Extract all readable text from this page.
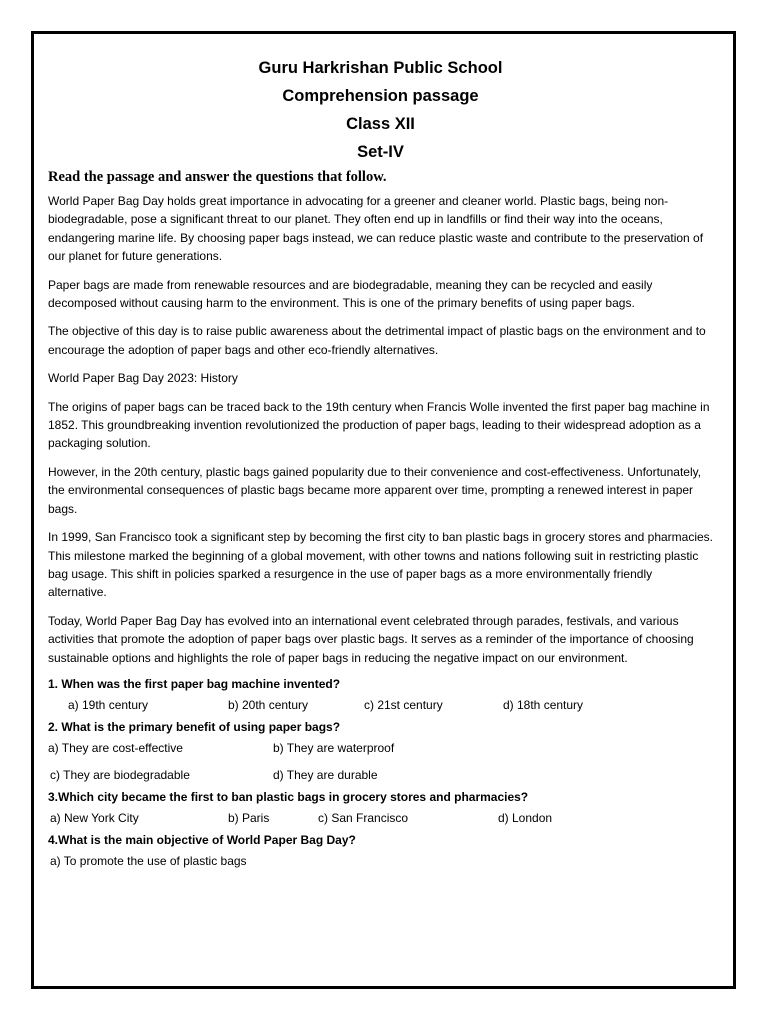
Guru Harkrishan Public School
Comprehension passage
Class XII
Set-IV
Read the passage and answer the questions that follow.

World Paper Bag Day holds great importance in advocating for a greener and cleaner world. Plastic bags, being non-biodegradable, pose a significant threat to our planet. They often end up in landfills or find their way into the oceans, endangering marine life. By choosing paper bags instead, we can reduce plastic waste and contribute to the preservation of our planet for future generations.

Paper bags are made from renewable resources and are biodegradable, meaning they can be recycled and easily decomposed without causing harm to the environment. This is one of the primary benefits of using paper bags.

The objective of this day is to raise public awareness about the detrimental impact of plastic bags on the environment and to encourage the adoption of paper bags and other eco-friendly alternatives.

World Paper Bag Day 2023: History

The origins of paper bags can be traced back to the 19th century when Francis Wolle invented the first paper bag machine in 1852. This groundbreaking invention revolutionized the production of paper bags, leading to their widespread adoption as a packaging solution.

However, in the 20th century, plastic bags gained popularity due to their convenience and cost-effectiveness. Unfortunately, the environmental consequences of plastic bags became more apparent over time, prompting a renewed interest in paper bags.

In 1999, San Francisco took a significant step by becoming the first city to ban plastic bags in grocery stores and pharmacies. This milestone marked the beginning of a global movement, with other towns and nations following suit in restricting plastic bag usage. This shift in policies sparked a resurgence in the use of paper bags as a more environmentally friendly alternative.

Today, World Paper Bag Day has evolved into an international event celebrated through parades, festivals, and various activities that promote the adoption of paper bags over plastic bags. It serves as a reminder of the importance of choosing sustainable options and highlights the role of paper bags in reducing the negative impact on our environment.

1. When was the first paper bag machine invented?
a) 19th century	b) 20th century	c) 21st century	d) 18th century
2. What is the primary benefit of using paper bags?
a) They are cost-effective	b) They are waterproof
c) They are biodegradable	d) They are durable
3.Which city became the first to ban plastic bags in grocery stores and pharmacies?
a) New York City	b) Paris	c) San Francisco	d) London
4.What is the main objective of World Paper Bag Day?
a) To promote the use of plastic bags
